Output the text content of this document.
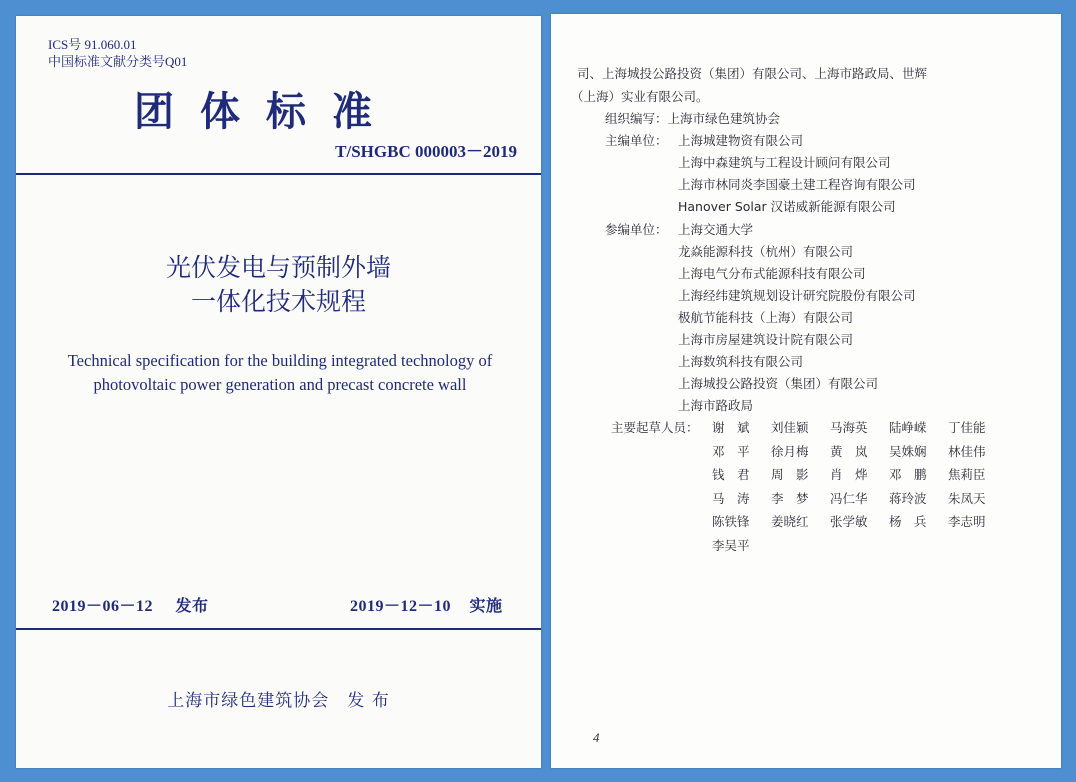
ICS号 91.060.01
中国标准文献分类号Q01
团体标准
T/SHGBC 000003－2019
光伏发电与预制外墙
一体化技术规程
Technical specification for the building integrated technology of
photovoltaic power generation and precast concrete wall
2019－06－12 发布	2019－12－10 实施
上海市绿色建筑协会　发 布
司、上海城投公路投资（集团）有限公司、上海市路政局、世辉
（上海）实业有限公司。
组织编写：上海市绿色建筑协会
主编单位： 上海城建物资有限公司
上海中森建筑与工程设计顾问有限公司
上海市林同炎李国豪土建工程咨询有限公司
Hanover Solar 汉诺威新能源有限公司
参编单位： 上海交通大学
龙焱能源科技（杭州）有限公司
上海电气分布式能源科技有限公司
上海经纬建筑规划设计研究院股份有限公司
极航节能科技（上海）有限公司
上海市房屋建筑设计院有限公司
上海数筑科技有限公司
上海城投公路投资（集团）有限公司
上海市路政局
主要起草人员： 谢　斌	刘佳颖	马海英	陆峥嵘	丁佳能
邓　平	徐月梅	黄　岚	吴姝娴	林佳伟
钱　君	周　影	肖　烨	邓　鹏	焦莉臣
马　涛	李　梦	冯仁华	蒋玲波	朱凤天
陈铁锋	姜晓红	张学敏	杨　兵	李志明
李吴平
4
